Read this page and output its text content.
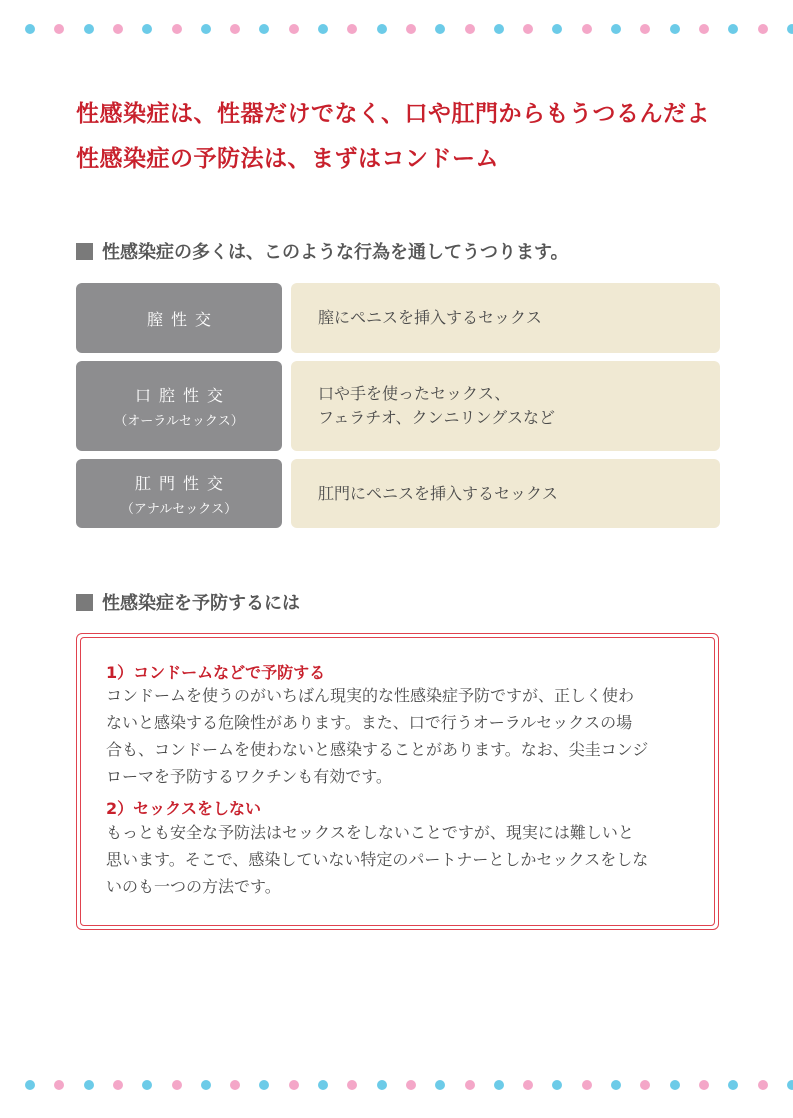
性感染症は、性器だけでなく、口や肛門からもうつるんだよ
性感染症の予防法は、まずはコンドーム
性感染症の多くは、このような行為を通してうつります。
膣性交	膣にペニスを挿入するセックス
口腔性交
（オーラルセックス）
口や手を使ったセックス、
フェラチオ、クンニリングスなど
肛門性交
（アナルセックス）
肛門にペニスを挿入するセックス
性感染症を予防するには
1）コンドームなどで予防する

コンドームを使うのがいちばん現実的な性感染症予防ですが、正しく使わ
ないと感染する危険性があります。また、口で行うオーラルセックスの場
合も、コンドームを使わないと感染することがあります。なお、尖圭コンジ
ローマを予防するワクチンも有効です。

2）セックスをしない

もっとも安全な予防法はセックスをしないことですが、現実には難しいと
思います。そこで、感染していない特定のパートナーとしかセックスをしな
いのも一つの方法です。
